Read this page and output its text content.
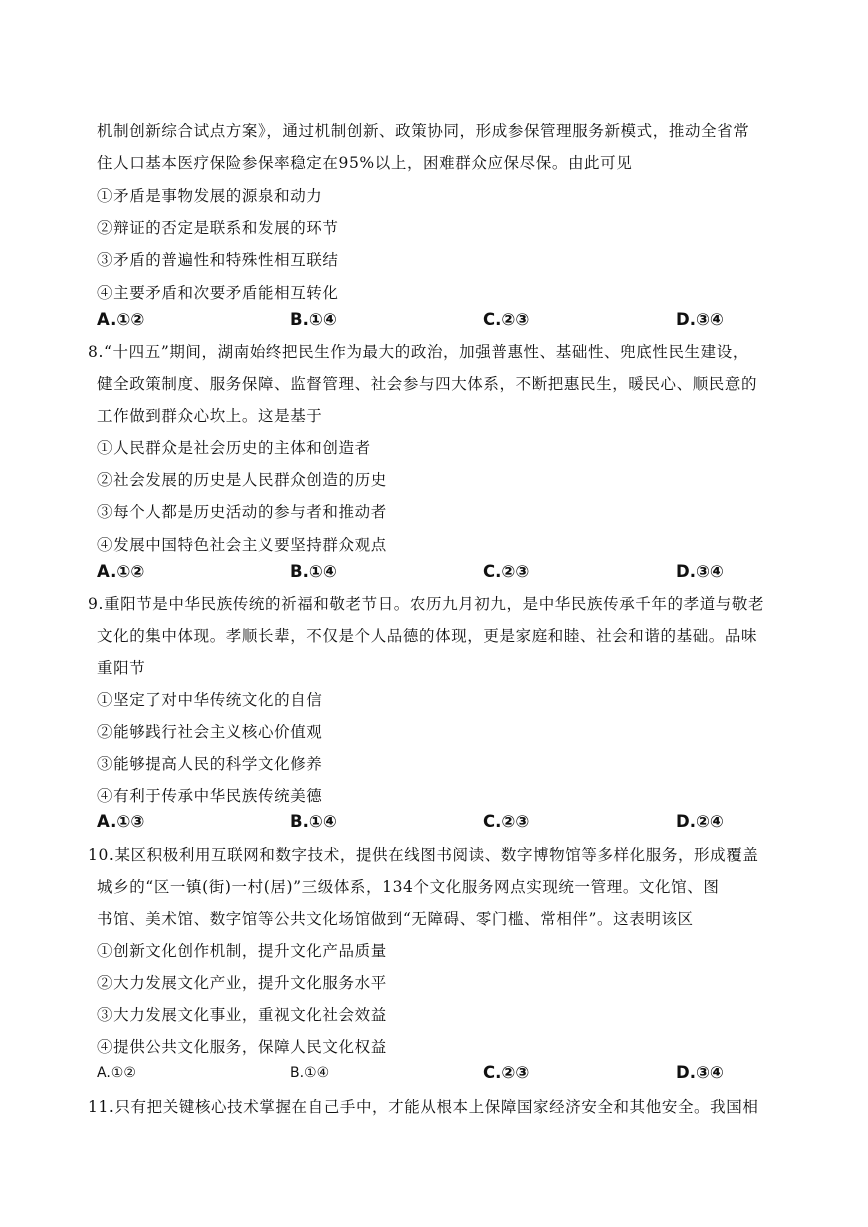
机制创新综合试点方案》，通过机制创新、政策协同，形成参保管理服务新模式，推动全省常
住人口基本医疗保险参保率稳定在95%以上，困难群众应保尽保。由此可见
①矛盾是事物发展的源泉和动力
②辩证的否定是联系和发展的环节
③矛盾的普遍性和特殊性相互联结
④主要矛盾和次要矛盾能相互转化
A.①②	B.①④	C.②③	D.③④
8.“十四五”期间，湖南始终把民生作为最大的政治，加强普惠性、基础性、兜底性民生建设，
健全政策制度、服务保障、监督管理、社会参与四大体系，不断把惠民生，暖民心、顺民意的
工作做到群众心坎上。这是基于
①人民群众是社会历史的主体和创造者
②社会发展的历史是人民群众创造的历史
③每个人都是历史活动的参与者和推动者
④发展中国特色社会主义要坚持群众观点
A.①②	B.①④	C.②③	D.③④
9.重阳节是中华民族传统的祈福和敬老节日。农历九月初九，是中华民族传承千年的孝道与敬老
文化的集中体现。孝顺长辈，不仅是个人品德的体现，更是家庭和睦、社会和谐的基础。品味
重阳节
①坚定了对中华传统文化的自信
②能够践行社会主义核心价值观
③能够提高人民的科学文化修养
④有利于传承中华民族传统美德
A.①③	B.①④	C.②③	D.②④
10.某区积极利用互联网和数字技术，提供在线图书阅读、数字博物馆等多样化服务，形成覆盖
城乡的“区一镇(街)一村(居)”三级体系，134个文化服务网点实现统一管理。文化馆、图
书馆、美术馆、数字馆等公共文化场馆做到“无障碍、零门槛、常相伴”。这表明该区
①创新文化创作机制，提升文化产品质量
②大力发展文化产业，提升文化服务水平
③大力发展文化事业，重视文化社会效益
④提供公共文化服务，保障人民文化权益
A.①②	B.①④	C.②③	D.③④
11.只有把关键核心技术掌握在自己手中，才能从根本上保障国家经济安全和其他安全。我国相
